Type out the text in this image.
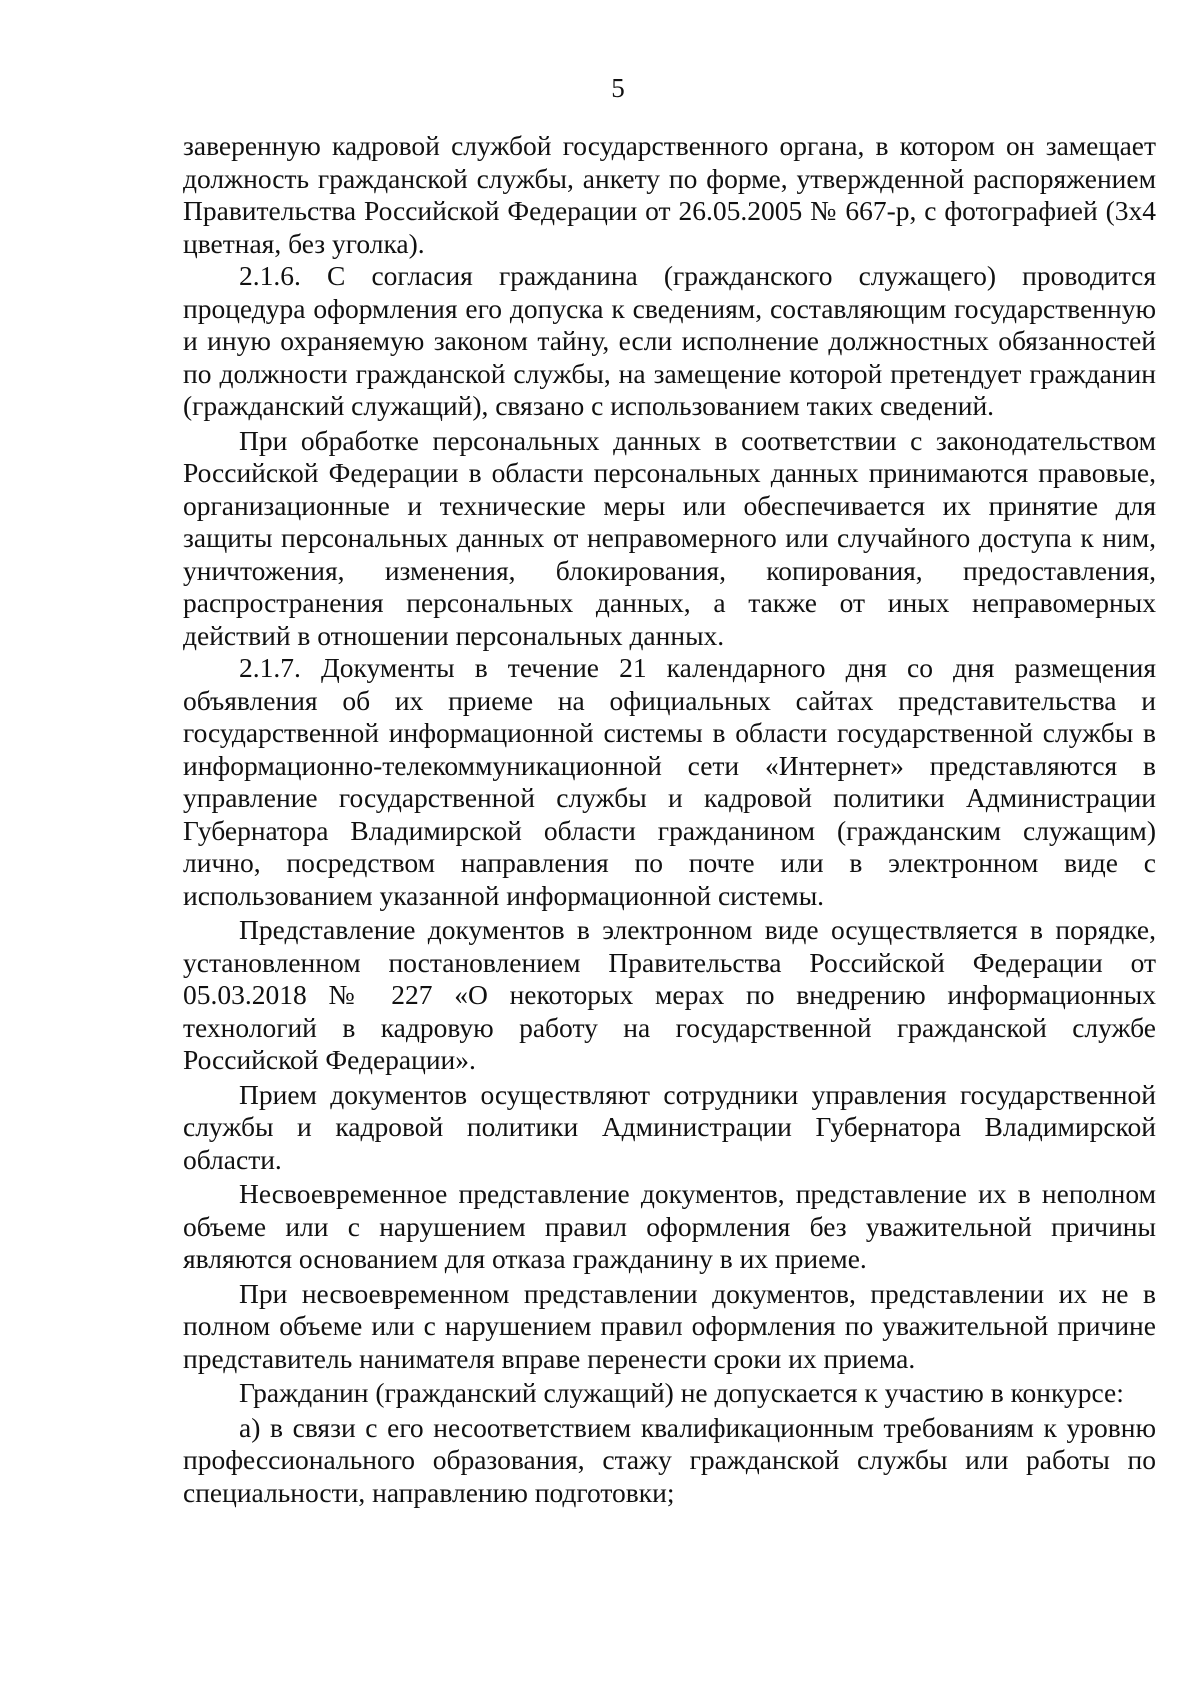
5

заверенную кадровой службой государственного органа, в котором он замещает должность гражданской службы, анкету по форме, утвержденной распоряжением Правительства Российской Федерации от 26.05.2005 № 667-р, с фотографией (3х4 цветная, без уголка).

2.1.6. С согласия гражданина (гражданского служащего) проводится процедура оформления его допуска к сведениям, составляющим государственную и иную охраняемую законом тайну, если исполнение должностных обязанностей по должности гражданской службы, на замещение которой претендует гражданин (гражданский служащий), связано с использованием таких сведений.

При обработке персональных данных в соответствии с законодательством Российской Федерации в области персональных данных принимаются правовые, организационные и технические меры или обеспечивается их принятие для защиты персональных данных от неправомерного или случайного доступа к ним, уничтожения, изменения, блокирования, копирования, предоставления, распространения персональных данных, а также от иных неправомерных действий в отношении персональных данных.

2.1.7. Документы в течение 21 календарного дня со дня размещения объявления об их приеме на официальных сайтах представительства и государственной информационной системы в области государственной службы в информационно-телекоммуникационной сети «Интернет» представляются в управление государственной службы и кадровой политики Администрации Губернатора Владимирской области гражданином (гражданским служащим) лично, посредством направления по почте или в электронном виде с использованием указанной информационной системы.

Представление документов в электронном виде осуществляется в порядке, установленном постановлением Правительства Российской Федерации от 05.03.2018 № 227 «О некоторых мерах по внедрению информационных технологий в кадровую работу на государственной гражданской службе Российской Федерации».

Прием документов осуществляют сотрудники управления государственной службы и кадровой политики Администрации Губернатора Владимирской области.

Несвоевременное представление документов, представление их в неполном объеме или с нарушением правил оформления без уважительной причины являются основанием для отказа гражданину в их приеме.

При несвоевременном представлении документов, представлении их не в полном объеме или с нарушением правил оформления по уважительной причине представитель нанимателя вправе перенести сроки их приема.

Гражданин (гражданский служащий) не допускается к участию в конкурсе:

а) в связи с его несоответствием квалификационным требованиям к уровню профессионального образования, стажу гражданской службы или работы по специальности, направлению подготовки;
